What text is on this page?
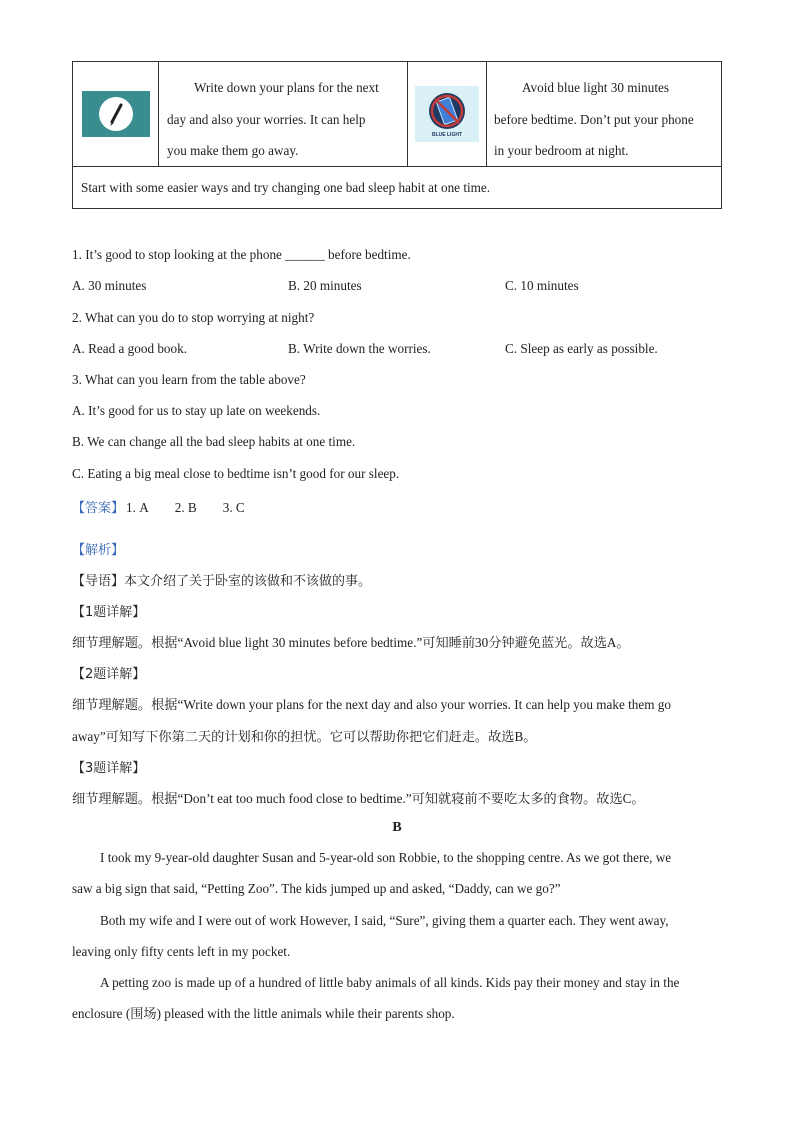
Write down your plans for the next
day and also your worries. It can help
you make them go away.
BLUE LIGHT
Avoid blue light 30 minutes
before bedtime. Don’t put your phone
in your bedroom at night.
Start with some easier ways and try changing one bad sleep habit at one time.
1. It’s good to stop looking at the phone ______ before bedtime.
A. 30 minutes	B. 20 minutes	C. 10 minutes
2. What can you do to stop worrying at night?
A. Read a good book.	B. Write down the worries.	C. Sleep as early as possible.
3. What can you learn from the table above?
A. It’s good for us to stay up late on weekends.
B. We can change all the bad sleep habits at one time.
C. Eating a big meal close to bedtime isn’t good for our sleep.
【答案】 1. A 2. B 3. C
【解析】
【导语】本文介绍了关于卧室的该做和不该做的事。
【1题详解】
细节理解题。根据“Avoid blue light 30 minutes before bedtime.”可知睡前30分钟避免蓝光。故选A。
【2题详解】
细节理解题。根据“Write down your plans for the next day and also your worries. It can help you make them go
away”可知写下你第二天的计划和你的担忧。它可以帮助你把它们赶走。故选B。
【3题详解】
细节理解题。根据“Don’t eat too much food close to bedtime.”可知就寝前不要吃太多的食物。故选C。
B
I took my 9-year-old daughter Susan and 5-year-old son Robbie, to the shopping centre. As we got there, we
saw a big sign that said, “Petting Zoo”. The kids jumped up and asked, “Daddy, can we go?”
Both my wife and I were out of work However, I said, “Sure”, giving them a quarter each. They went away,
leaving only fifty cents left in my pocket.
A petting zoo is made up of a hundred of little baby animals of all kinds. Kids pay their money and stay in the
enclosure (围场) pleased with the little animals while their parents shop.
